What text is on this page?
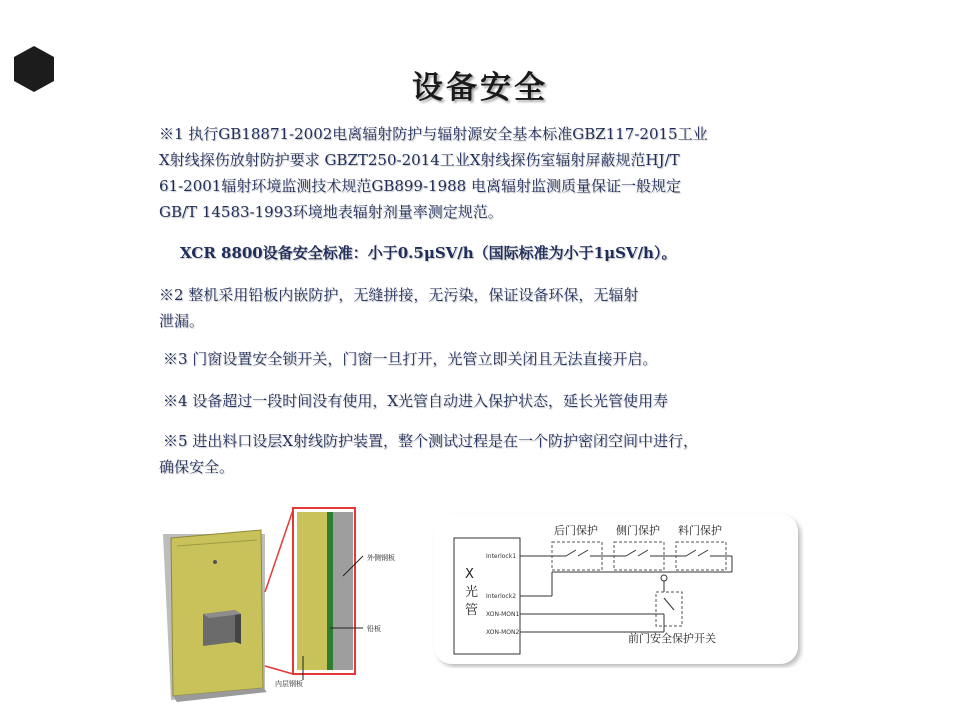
设备安全
※1 执行GB18871-2002电离辐射防护与辐射源安全基本标准GBZ117-2015工业
X射线探伤放射防护要求 GBZT250-2014工业X射线探伤室辐射屏蔽规范HJ/T
61-2001辐射环境监测技术规范GB899-1988 电离辐射监测质量保证一般规定
GB/T 14583-1993环境地表辐射剂量率测定规范。
XCR 8800设备安全标准：小于0.5μSV/h（国际标准为小于1μSV/h）。
※2 整机采用铅板内嵌防护，无缝拼接，无污染，保证设备环保，无辐射
泄漏。
※3 门窗设置安全锁开关，门窗一旦打开，光管立即关闭且无法直接开启。
※4 设备超过一段时间没有使用，X光管自动进入保护状态，延长光管使用寿
※5 进出料口设层X射线防护装置，整个测试过程是在一个防护密闭空间中进行，
确保安全。
外侧钢板
铅板
内层钢板
X
光
管
Interlock1
Interlock2
XON-MON1
XON-MON2
后门保护 侧门保护 料门保护
前门安全保护开关
